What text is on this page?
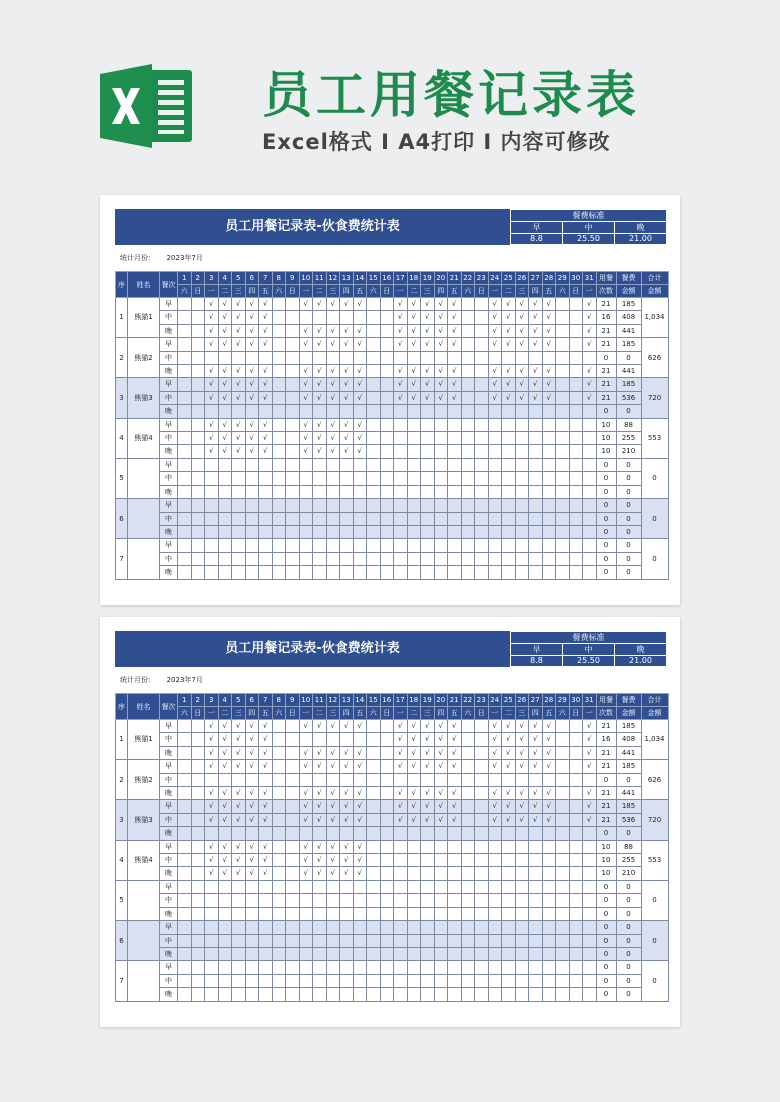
员工用餐记录表
Excel格式 I A4打印 I 内容可修改
员工用餐记录表-伙食费统计表
餐费标准
早	中	晚
8.8	25.50	21.00
统计月份: 2023年7月
序	姓名	餐次	1	2	3	4	5	6	7	8	9	10	11	12	13	14	15	16	17	18	19	20	21	22	23	24	25	26	27	28	29	30	31	用餐	餐费	合计
			六	日	一	二	三	四	五	六	日	一	二	三	四	五	六	日	一	二	三	四	五	六	日	一	二	三	四	五	六	日	一	次数	金额	金额
1	熊猫1	早			√	√	√	√	√			√	√	√	√	√			√	√	√	√	√			√	√	√	√	√			√	21	185	1,034
		中			√	√	√	√	√										√	√	√	√	√			√	√	√	√	√			√	16	408	
		晚			√	√	√	√	√			√	√	√	√	√			√	√	√	√	√			√	√	√	√	√			√	21	441	
2	熊猫2	早			√	√	√	√	√			√	√	√	√	√			√	√	√	√	√			√	√	√	√	√			√	21	185	626
		中																																0	0	
		晚			√	√	√	√	√			√	√	√	√	√			√	√	√	√	√			√	√	√	√	√			√	21	441	
3	熊猫3	早			√	√	√	√	√			√	√	√	√	√			√	√	√	√	√			√	√	√	√	√			√	21	185	720
		中			√	√	√	√	√			√	√	√	√	√			√	√	√	√	√			√	√	√	√	√			√	21	536	
		晚																																0	0	
4	熊猫4	早			√	√	√	√	√			√	√	√	√	√																		10	88	553
		中			√	√	√	√	√			√	√	√	√	√																		10	255	
		晚			√	√	√	√	√			√	√	√	√	√																		10	210	
5		早																																0	0	0
		中																																0	0	
		晚																																0	0	
6		早																																0	0	0
		中																																0	0	
		晚																																0	0	
7		早																																0	0	0
		中																																0	0	
		晚																																0	0	
员工用餐记录表-伙食费统计表
餐费标准
早	中	晚
8.8	25.50	21.00
统计月份: 2023年7月
序	姓名	餐次	1	2	3	4	5	6	7	8	9	10	11	12	13	14	15	16	17	18	19	20	21	22	23	24	25	26	27	28	29	30	31	用餐	餐费	合计
			六	日	一	二	三	四	五	六	日	一	二	三	四	五	六	日	一	二	三	四	五	六	日	一	二	三	四	五	六	日	一	次数	金额	金额
1	熊猫1	早			√	√	√	√	√			√	√	√	√	√			√	√	√	√	√			√	√	√	√	√			√	21	185	1,034
		中			√	√	√	√	√										√	√	√	√	√			√	√	√	√	√			√	16	408	
		晚			√	√	√	√	√			√	√	√	√	√			√	√	√	√	√			√	√	√	√	√			√	21	441	
2	熊猫2	早			√	√	√	√	√			√	√	√	√	√			√	√	√	√	√			√	√	√	√	√			√	21	185	626
		中																																0	0	
		晚			√	√	√	√	√			√	√	√	√	√			√	√	√	√	√			√	√	√	√	√			√	21	441	
3	熊猫3	早			√	√	√	√	√			√	√	√	√	√			√	√	√	√	√			√	√	√	√	√			√	21	185	720
		中			√	√	√	√	√			√	√	√	√	√			√	√	√	√	√			√	√	√	√	√			√	21	536	
		晚																																0	0	
4	熊猫4	早			√	√	√	√	√			√	√	√	√	√																		10	88	553
		中			√	√	√	√	√			√	√	√	√	√																		10	255	
		晚			√	√	√	√	√			√	√	√	√	√																		10	210	
5		早																																0	0	0
		中																																0	0	
		晚																																0	0	
6		早																																0	0	0
		中																																0	0	
		晚																																0	0	
7		早																																0	0	0
		中																																0	0	
		晚																																0	0	
